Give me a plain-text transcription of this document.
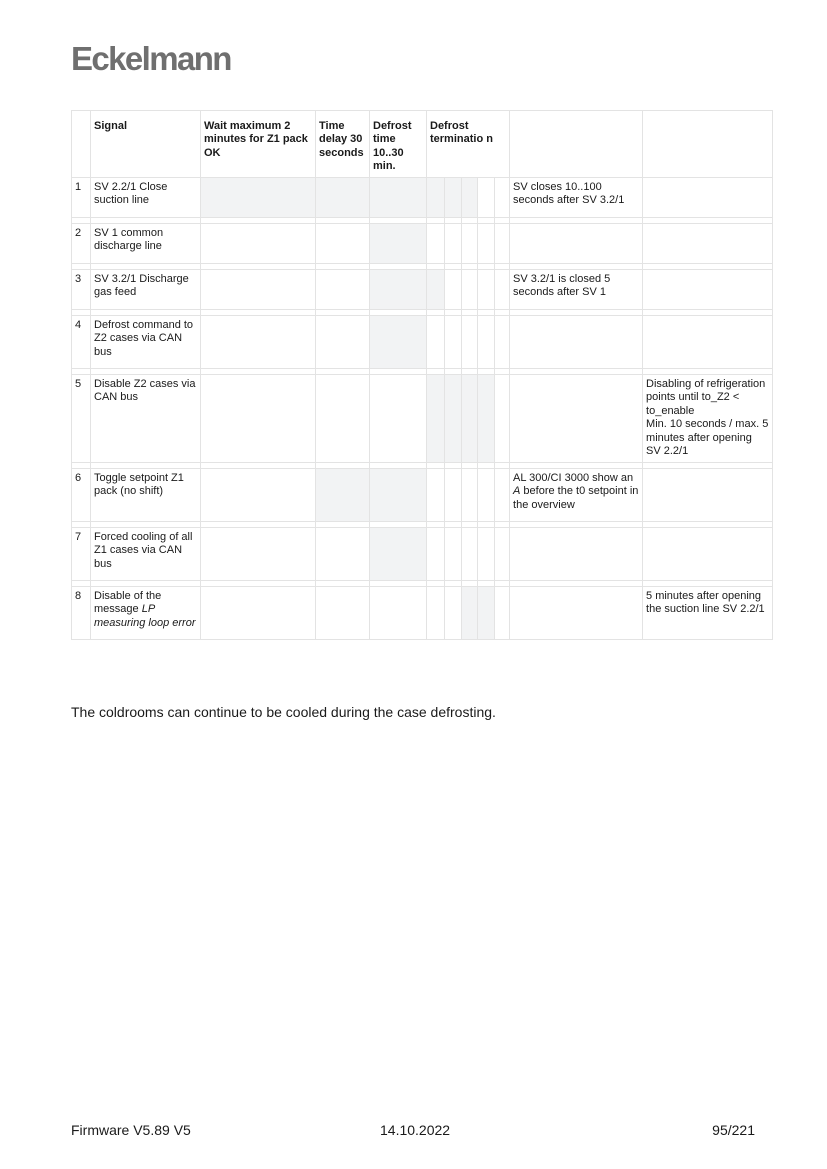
Eckelmann
	Signal	Wait maximum 2 minutes for Z1 pack OK	Time delay 30 seconds	Defrost time 10..30 min.	Defrost terminatio n						
1	SV 2.2/1 Close suction line									SV closes 10..100 seconds after SV 3.2/1	

2	SV 1 common discharge line										

3	SV 3.2/1 Discharge gas feed									SV 3.2/1 is closed 5 seconds after SV 1	

4	Defrost command to Z2 cases via CAN bus										

5	Disable Z2 cases via CAN bus										Disabling of refrigeration points until to_Z2 < to_enable
Min. 10 seconds / max. 5 minutes after opening SV 2.2/1

6	Toggle setpoint Z1 pack (no shift)									AL 300/CI 3000 show an A before the t0 setpoint in the overview	

7	Forced cooling of all Z1 cases via CAN bus										

8	Disable of the message LP measuring loop error										5 minutes after opening the suction line SV 2.2/1
The coldrooms can continue to be cooled during the case defrosting.
Firmware V5.89 V5	14.10.2022	95/221
